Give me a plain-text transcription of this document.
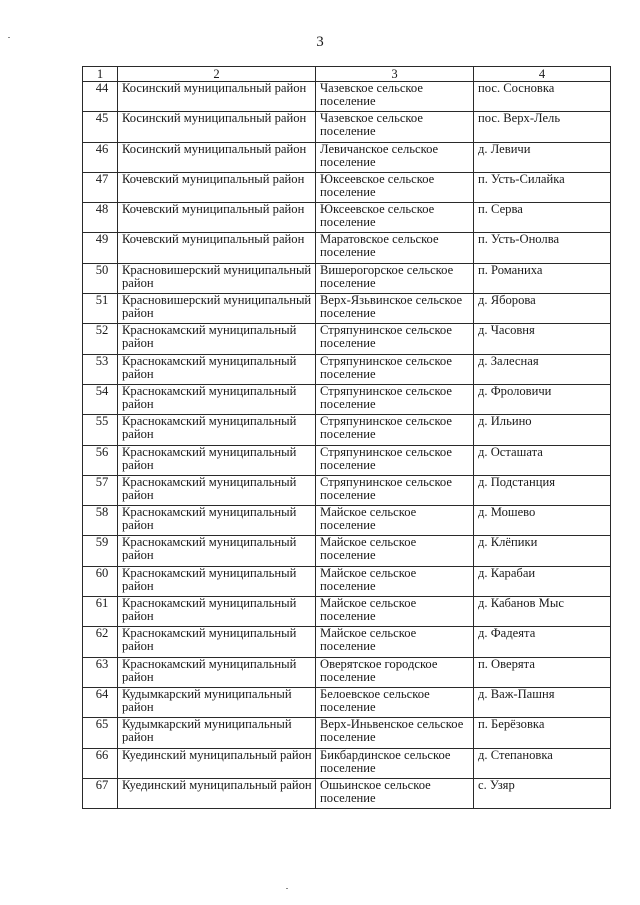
3
1	2	3	4
44	Косинский муниципальный район	Чазевское сельское поселение	пос. Сосновка
45	Косинский муниципальный район	Чазевское сельское поселение	пос. Верх-Лель
46	Косинский муниципальный район	Левичанское сельское поселение	д. Левичи
47	Кочевский муниципальный район	Юксеевское сельское поселение	п. Усть-Силайка
48	Кочевский муниципальный район	Юксеевское сельское поселение	п. Серва
49	Кочевский муниципальный район	Маратовское сельское поселение	п. Усть-Онолва
50	Красновишерский муниципальный район	Вишерогорское сельское поселение	п. Романиха
51	Красновишерский муниципальный район	Верх-Язьвинское сельское поселение	д. Яборова
52	Краснокамский муниципальный район	Стряпунинское сельское поселение	д. Часовня
53	Краснокамский муниципальный район	Стряпунинское сельское поселение	д. Залесная
54	Краснокамский муниципальный район	Стряпунинское сельское поселение	д. Фроловичи
55	Краснокамский муниципальный район	Стряпунинское сельское поселение	д. Ильино
56	Краснокамский муниципальный район	Стряпунинское сельское поселение	д. Осташата
57	Краснокамский муниципальный район	Стряпунинское сельское поселение	д. Подстанция
58	Краснокамский муниципальный район	Майское сельское поселение	д. Мошево
59	Краснокамский муниципальный район	Майское сельское поселение	д. Клёпики
60	Краснокамский муниципальный район	Майское сельское поселение	д. Карабаи
61	Краснокамский муниципальный район	Майское сельское поселение	д. Кабанов Мыс
62	Краснокамский муниципальный район	Майское сельское поселение	д. Фадеята
63	Краснокамский муниципальный район	Оверятское городское поселение	п. Оверята
64	Кудымкарский муниципальный район	Белоевское сельское поселение	д. Важ-Пашня
65	Кудымкарский муниципальный район	Верх-Иньвенское сельское поселение	п. Берёзовка
66	Куединский муниципальный район	Бикбардинское сельское поселение	д. Степановка
67	Куединский муниципальный район	Ошьинское сельское поселение	с. Узяр
